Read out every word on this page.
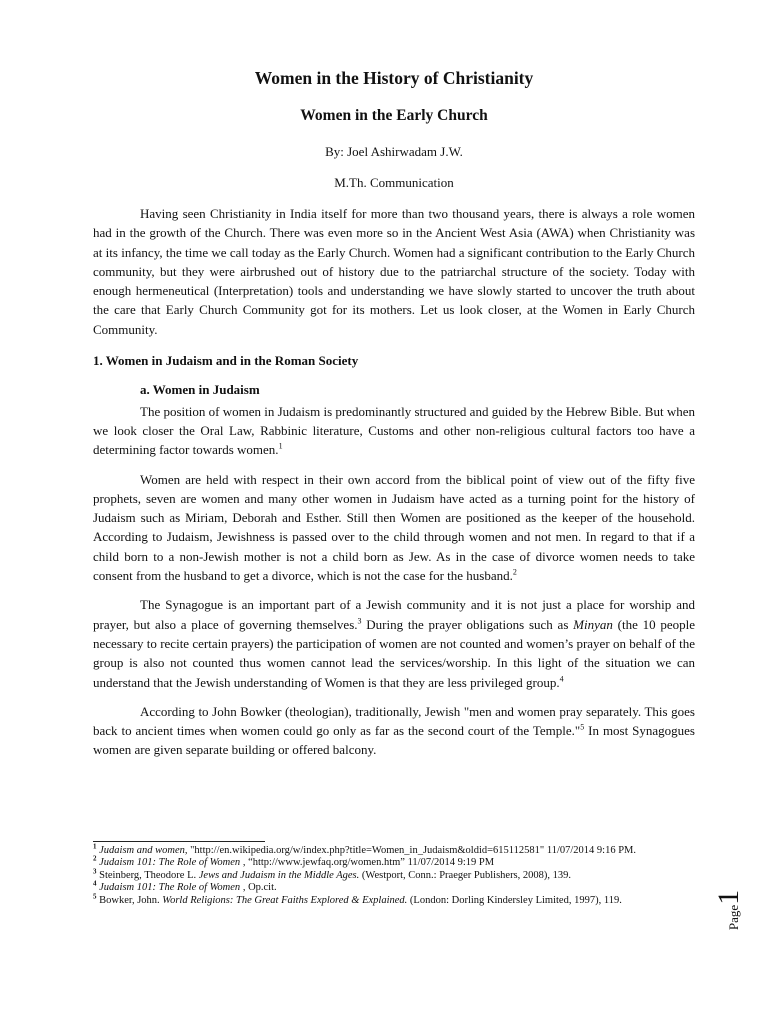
Women in the History of Christianity
Women in the Early Church
By: Joel Ashirwadam J.W.
M.Th. Communication

Having seen Christianity in India itself for more than two thousand years, there is always a role women had in the growth of the Church. There was even more so in the Ancient West Asia (AWA) when Christianity was at its infancy, the time we call today as the Early Church. Women had a significant contribution to the Early Church community, but they were airbrushed out of history due to the patriarchal structure of the society. Today with enough hermeneutical (Interpretation) tools and understanding we have slowly started to uncover the truth about the care that Early Church Community got for its mothers. Let us look closer, at the Women in Early Church Community.

1. Women in Judaism and in the Roman Society
a. Women in Judaism

The position of women in Judaism is predominantly structured and guided by the Hebrew Bible. But when we look closer the Oral Law, Rabbinic literature, Customs and other non-religious cultural factors too have a determining factor towards women.$^1$

Women are held with respect in their own accord from the biblical point of view out of the fifty five prophets, seven are women and many other women in Judaism have acted as a turning point for the history of Judaism such as Miriam, Deborah and Esther. Still then Women are positioned as the keeper of the household. According to Judaism, Jewishness is passed over to the child through women and not men. In regard to that if a child born to a non-Jewish mother is not a child born as Jew. As in the case of divorce women needs to take consent from the husband to get a divorce, which is not the case for the husband.$^2$

The Synagogue is an important part of a Jewish community and it is not just a place for worship and prayer, but also a place of governing themselves.$^3$ During the prayer obligations such as Minyan (the 10 people necessary to recite certain prayers) the participation of women are not counted and women’s prayer on behalf of the group is also not counted thus women cannot lead the services/worship. In this light of the situation we can understand that the Jewish understanding of Women is that they are less privileged group.$^4$

According to John Bowker (theologian), traditionally, Jewish "men and women pray separately. This goes back to ancient times when women could go only as far as the second court of the Temple."$^5$ In most Synagogues women are given separate building or offered balcony.

$^1$ Judaism and women, "http://en.wikipedia.org/w/index.php?title=Women_in_Judaism&oldid=615112581" 11/07/2014 9:16 PM.
$^2$ Judaism 101: The Role of Women , “http://www.jewfaq.org/women.htm” 11/07/2014 9:19 PM
$^3$ Steinberg, Theodore L. Jews and Judaism in the Middle Ages. (Westport, Conn.: Praeger Publishers, 2008), 139.
$^4$ Judaism 101: The Role of Women , Op.cit.
$^5$ Bowker, John. World Religions: The Great Faiths Explored & Explained. (London: Dorling Kindersley Limited, 1997), 119.
Page
1
